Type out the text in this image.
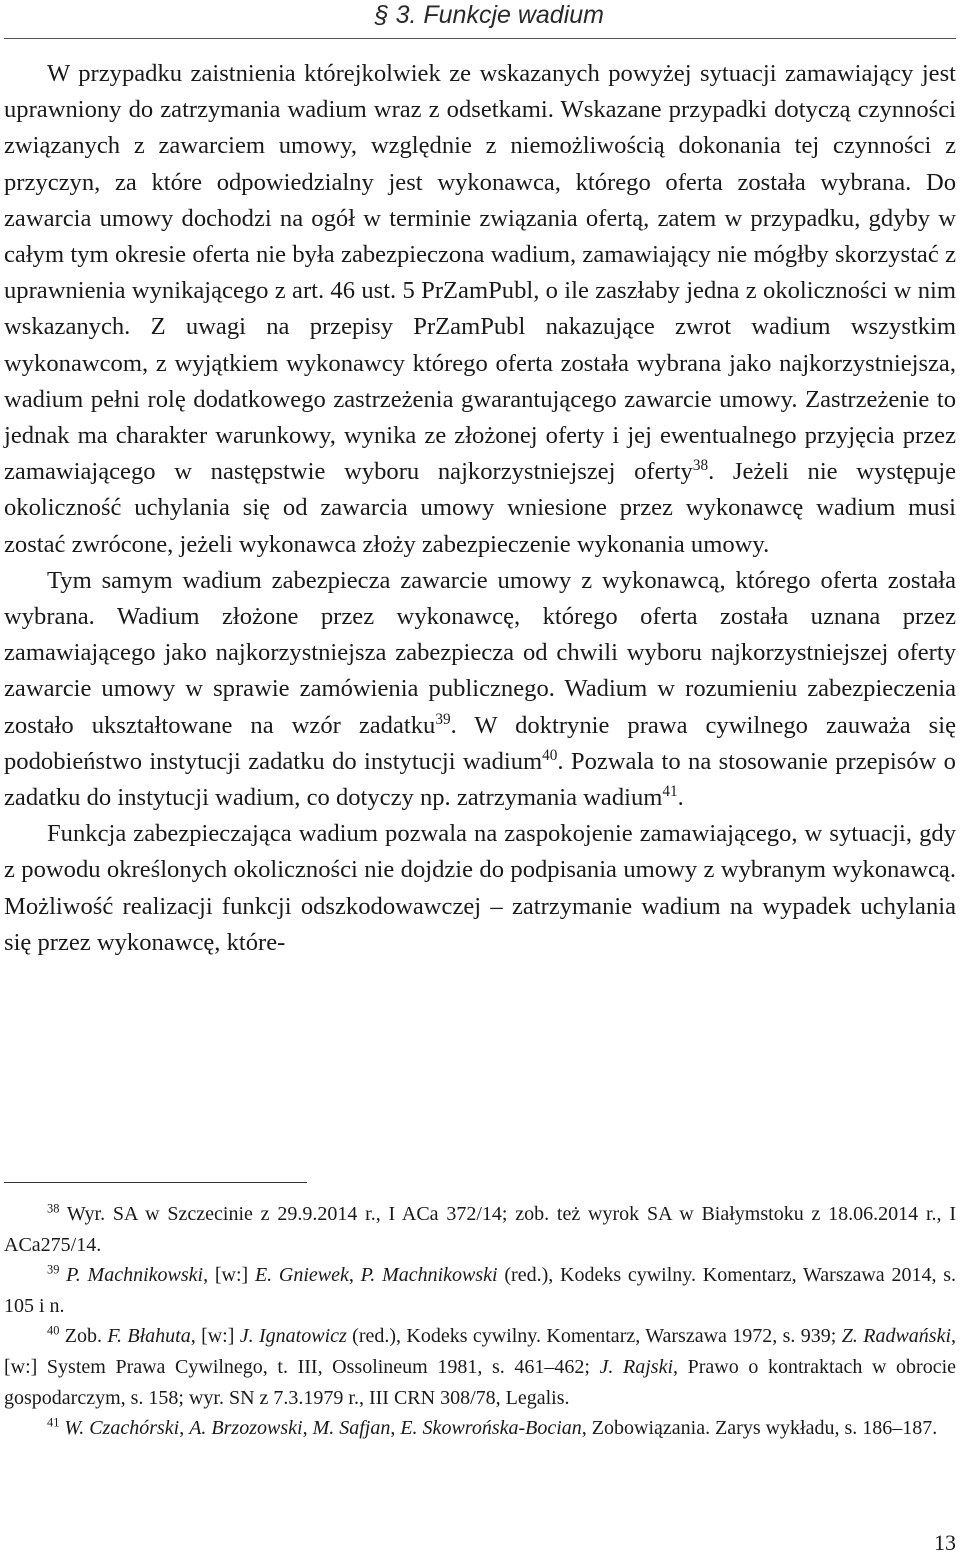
§ 3. Funkcje wadium

W przypadku zaistnienia którejkolwiek ze wskazanych powyżej sytuacji zamawiający jest uprawniony do zatrzymania wadium wraz z odsetkami. Wskazane przypadki dotyczą czynności związanych z zawarciem umowy, względnie z niemożliwością dokonania tej czynności z przyczyn, za które odpowiedzialny jest wykonawca, którego oferta została wybrana. Do zawarcia umowy dochodzi na ogół w terminie związania ofertą, zatem w przypadku, gdyby w całym tym okresie oferta nie była zabezpieczona wadium, zamawiający nie mógłby skorzystać z uprawnienia wynikającego z art. 46 ust. 5 PrZamPubl, o ile zaszłaby jedna z okoliczności w nim wskazanych. Z uwagi na przepisy PrZamPubl nakazujące zwrot wadium wszystkim wykonawcom, z wyjątkiem wykonawcy którego oferta została wybrana jako najkorzystniejsza, wadium pełni rolę dodatkowego zastrzeżenia gwarantującego zawarcie umowy. Zastrzeżenie to jednak ma charakter warunkowy, wynika ze złożonej oferty i jej ewentualnego przyjęcia przez zamawiającego w następstwie wyboru najkorzystniejszej oferty$^{38}$. Jeżeli nie występuje okoliczność uchylania się od zawarcia umowy wniesione przez wykonawcę wadium musi zostać zwrócone, jeżeli wykonawca złoży zabezpieczenie wykonania umowy.

Tym samym wadium zabezpiecza zawarcie umowy z wykonawcą, którego oferta została wybrana. Wadium złożone przez wykonawcę, którego oferta została uznana przez zamawiającego jako najkorzystniejsza zabezpiecza od chwili wyboru najkorzystniejszej oferty zawarcie umowy w sprawie zamówienia publicznego. Wadium w rozumieniu zabezpieczenia zostało ukształtowane na wzór zadatku$^{39}$. W doktrynie prawa cywilnego zauważa się podobieństwo instytucji zadatku do instytucji wadium$^{40}$. Pozwala to na stosowanie przepisów o zadatku do instytucji wadium, co dotyczy np. zatrzymania wadium$^{41}$.

Funkcja zabezpieczająca wadium pozwala na zaspokojenie zamawiającego, w sytuacji, gdy z powodu określonych okoliczności nie dojdzie do podpisania umowy z wybranym wykonawcą. Możliwość realizacji funkcji odszkodowawczej – zatrzymanie wadium na wypadek uchylania się przez wykonawcę, które-

$^{38}$ Wyr. SA w Szczecinie z 29.9.2014 r., I ACa 372/14; zob. też wyrok SA w Białymstoku z 18.06.2014 r., I ACa275/14.

$^{39}$ P. Machnikowski, [w:] E. Gniewek, P. Machnikowski (red.), Kodeks cywilny. Komentarz, Warszawa 2014, s. 105 i n.

$^{40}$ Zob. F. Błahuta, [w:] J. Ignatowicz (red.), Kodeks cywilny. Komentarz, Warszawa 1972, s. 939; Z. Radwański, [w:] System Prawa Cywilnego, t. III, Ossolineum 1981, s. 461–462; J. Rajski, Prawo o kontraktach w obrocie gospodarczym, s. 158; wyr. SN z 7.3.1979 r., III CRN 308/78, Legalis.

$^{41}$ W. Czachórski, A. Brzozowski, M. Safjan, E. Skowrońska-Bocian, Zobowiązania. Zarys wykładu, s. 186–187.

13
